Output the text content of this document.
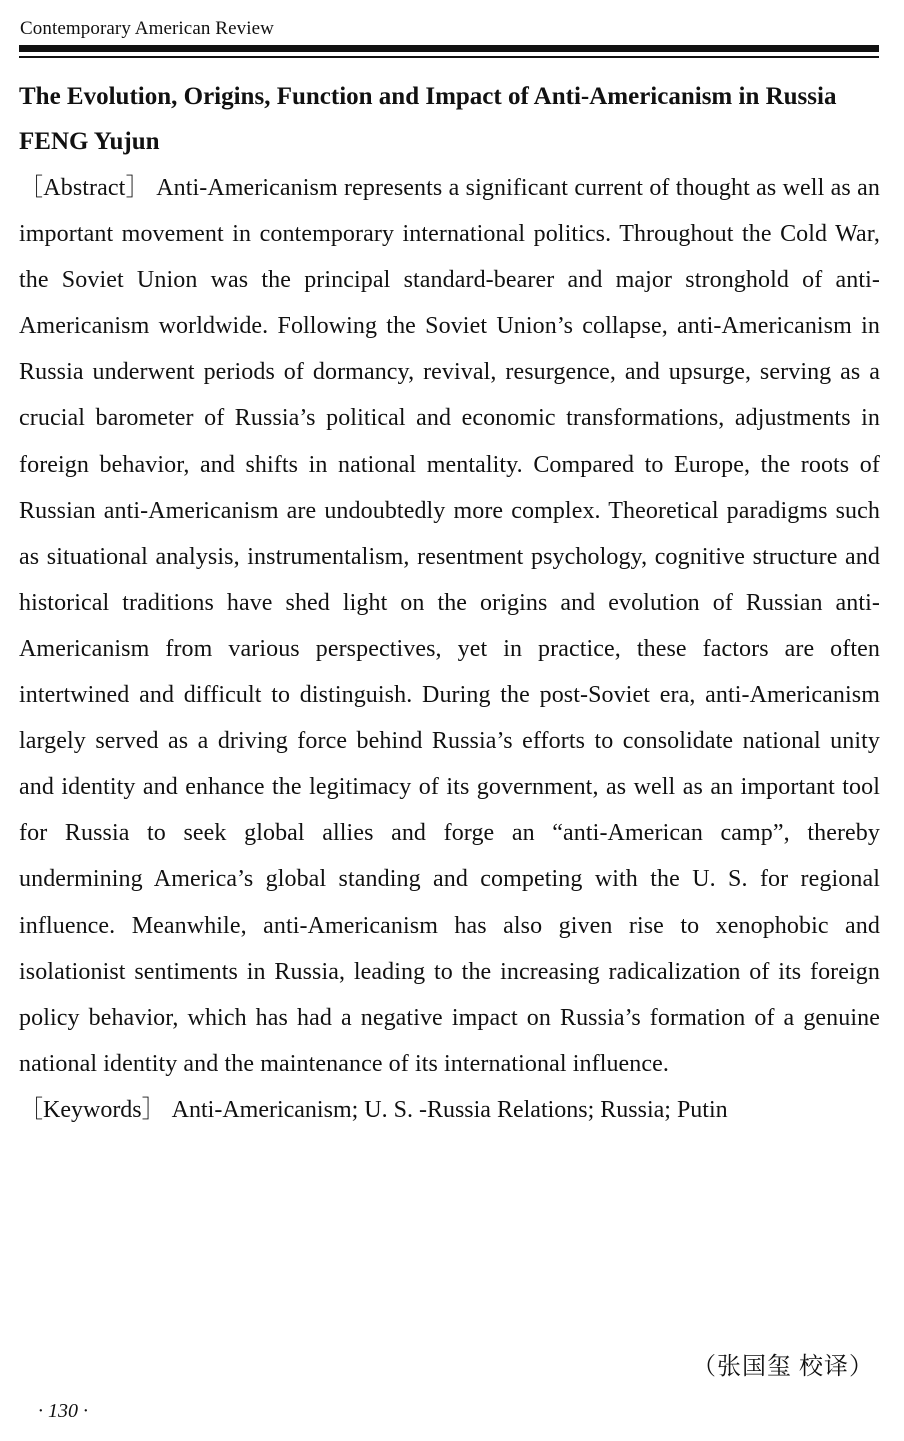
Contemporary American Review

The Evolution, Origins, Function and Impact of Anti-Americanism in Russia

FENG Yujun

［Abstract］ Anti-Americanism represents a significant current of thought as well as an important movement in contemporary international politics. Throughout the Cold War, the Soviet Union was the principal standard-bearer and major stronghold of anti-Americanism worldwide. Following the Soviet Union’s collapse, anti-Americanism in Russia underwent periods of dormancy, revival, resurgence, and upsurge, serving as a crucial barometer of Russia’s political and economic transformations, adjustments in foreign behavior, and shifts in national mentality. Compared to Europe, the roots of Russian anti-Americanism are undoubtedly more complex. Theoretical paradigms such as situational analysis, instrumentalism, resentment psychology, cognitive structure and historical traditions have shed light on the origins and evolution of Russian anti-Americanism from various perspectives, yet in practice, these factors are often intertwined and difficult to distinguish. During the post-Soviet era, anti-Americanism largely served as a driving force behind Russia’s efforts to consolidate national unity and identity and enhance the legitimacy of its government, as well as an important tool for Russia to seek global allies and forge an “anti-American camp”, thereby undermining America’s global standing and competing with the U. S. for regional influence. Meanwhile, anti-Americanism has also given rise to xenophobic and isolationist sentiments in Russia, leading to the increasing radicalization of its foreign policy behavior, which has had a negative impact on Russia’s formation of a genuine national identity and the maintenance of its international influence.

［Keywords］ Anti-Americanism; U. S. -Russia Relations; Russia; Putin

（张国玺 校译）
· 130 ·
